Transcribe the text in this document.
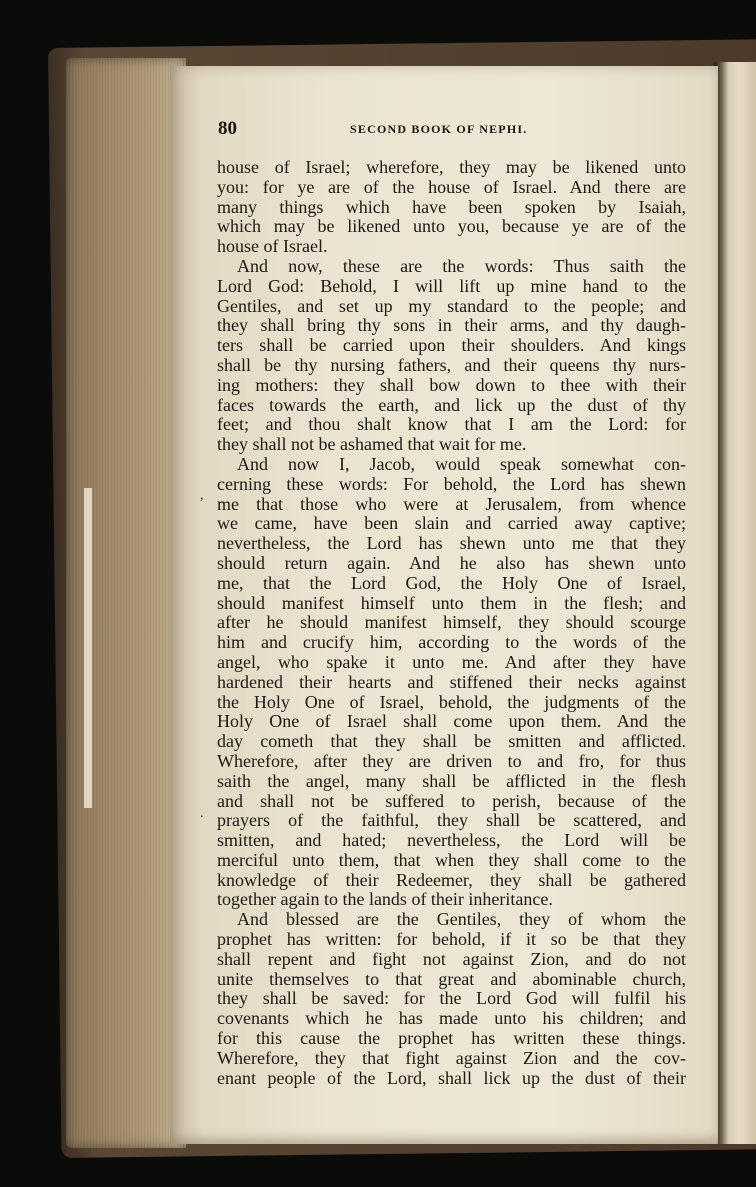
80	SECOND BOOK OF NEPHI.
house of Israel; wherefore, they may be likened unto
you: for ye are of the house of Israel. And there are
many things which have been spoken by Isaiah,
which may be likened unto you, because ye are of the
house of Israel.
And now, these are the words: Thus saith the
Lord God: Behold, I will lift up mine hand to the
Gentiles, and set up my standard to the people; and
they shall bring thy sons in their arms, and thy daugh-
ters shall be carried upon their shoulders. And kings
shall be thy nursing fathers, and their queens thy nurs-
ing mothers: they shall bow down to thee with their
faces towards the earth, and lick up the dust of thy
feet; and thou shalt know that I am the Lord: for
they shall not be ashamed that wait for me.
And now I, Jacob, would speak somewhat con-
cerning these words: For behold, the Lord has shewn
me that those who were at Jerusalem, from whence
we came, have been slain and carried away captive;
nevertheless, the Lord has shewn unto me that they
should return again. And he also has shewn unto
me, that the Lord God, the Holy One of Israel,
should manifest himself unto them in the flesh; and
after he should manifest himself, they should scourge
him and crucify him, according to the words of the
angel, who spake it unto me. And after they have
hardened their hearts and stiffened their necks against
the Holy One of Israel, behold, the judgments of the
Holy One of Israel shall come upon them. And the
day cometh that they shall be smitten and afflicted.
Wherefore, after they are driven to and fro, for thus
saith the angel, many shall be afflicted in the flesh
and shall not be suffered to perish, because of the
prayers of the faithful, they shall be scattered, and
smitten, and hated; nevertheless, the Lord will be
merciful unto them, that when they shall come to the
knowledge of their Redeemer, they shall be gathered
together again to the lands of their inheritance.
And blessed are the Gentiles, they of whom the
prophet has written: for behold, if it so be that they
shall repent and fight not against Zion, and do not
unite themselves to that great and abominable church,
they shall be saved: for the Lord God will fulfil his
covenants which he has made unto his children; and
for this cause the prophet has written these things.
Wherefore, they that fight against Zion and the cov-
enant people of the Lord, shall lick up the dust of their
,
.
